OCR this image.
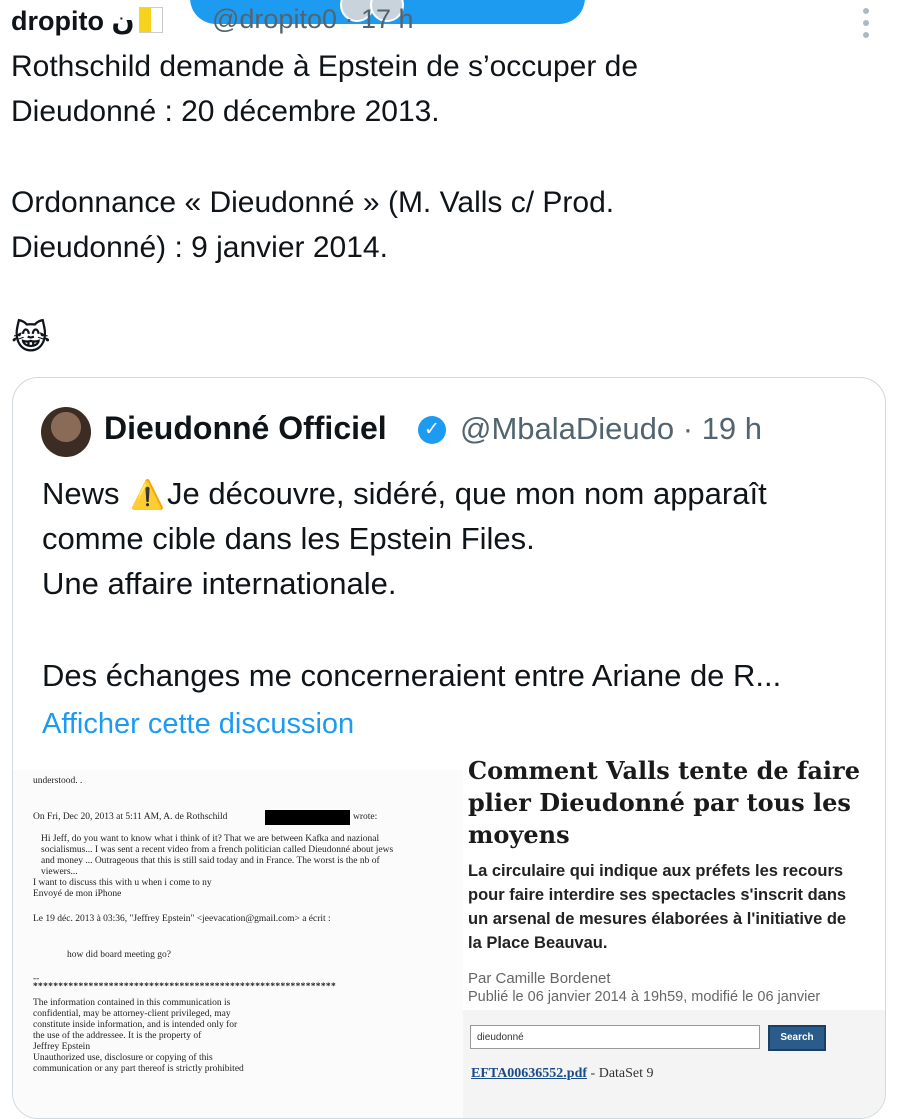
dropito ن	@dropito0 · 17 h
Rothschild demande à Epstein de s’occuper de
Dieudonné : 20 décembre 2013.
Ordonnance « Dieudonné » (M. Valls c/ Prod.
Dieudonné) : 9 janvier 2014.
😹
Dieudonné Officiel	✓ @MbalaDieudo · 19 h
News ⚠️Je découvre, sidéré, que mon nom apparaît
comme cible dans les Epstein Files.
Une affaire internationale.
Des échanges me concerneraient entre Ariane de R...
Afficher cette discussion
understood. .
On Fri, Dec 20, 2013 at 5:11 AM, A. de Rothschild	wrote:
Hi Jeff, do you want to know what i think of it? That we are between Kafka and nazional
socialismus... I was sent a recent video from a french politician called Dieudonné about jews
and money ... Outrageous that this is still said today and in France. The worst is the nb of
viewers...
I want to discuss this with u when i come to ny
Envoyé de mon iPhone
Le 19 déc. 2013 à 03:36, "Jeffrey Epstein" <jeevacation@gmail.com> a écrit :
how did board meeting go?
--
************************************************************
The information contained in this communication is
confidential, may be attorney-client privileged, may
constitute inside information, and is intended only for
the use of the addressee. It is the property of
Jeffrey Epstein
Unauthorized use, disclosure or copying of this
communication or any part thereof is strictly prohibited
Comment Valls tente de faire
plier Dieudonné par tous les
moyens
La circulaire qui indique aux préfets les recours
pour faire interdire ses spectacles s'inscrit dans
un arsenal de mesures élaborées à l'initiative de
la Place Beauvau.
Par Camille Bordenet
Publié le 06 janvier 2014 à 19h59, modifié le 06 janvier
dieudonné	Search
EFTA00636552.pdf - DataSet 9
